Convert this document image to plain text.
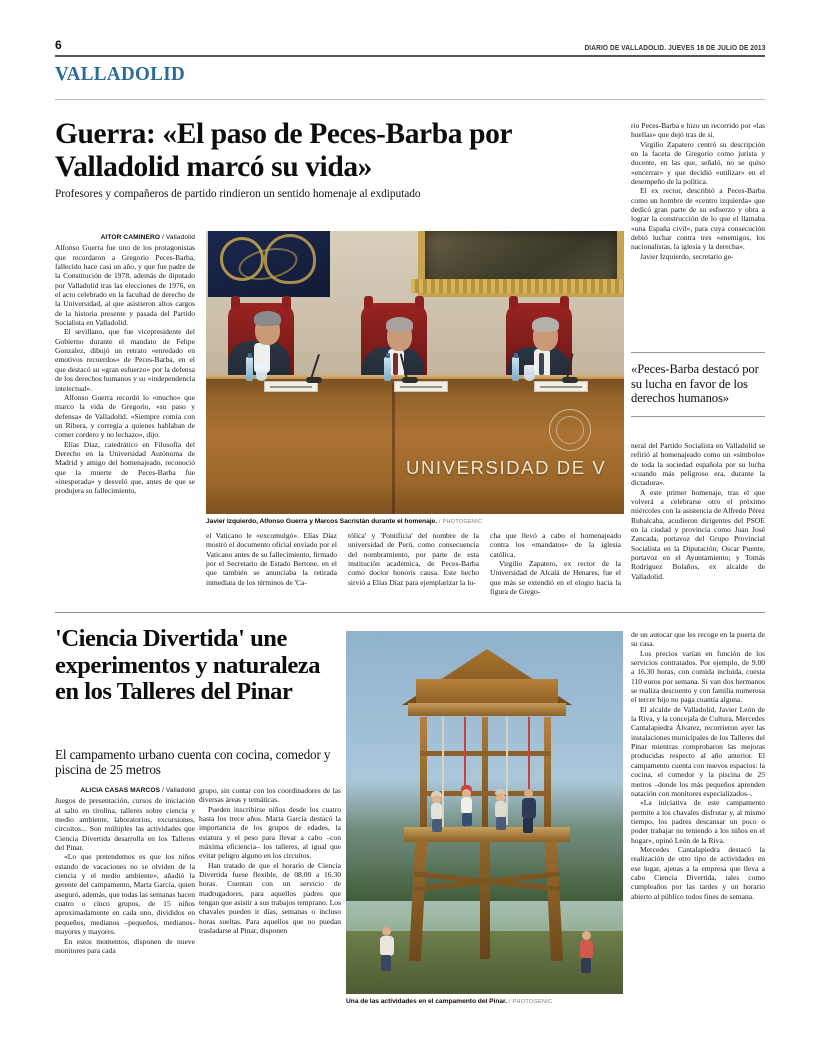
6	DIARIO DE VALLADOLID. JUEVES 18 DE JULIO DE 2013
VALLADOLID
Guerra: «El paso de Peces-Barba por Valladolid marcó su vida»
Profesores y compañeros de partido rindieron un sentido homenaje al exdiputado
AITOR CAMINERO / Valladolid

Alfonso Guerra fue uno de los protagonistas que recordaron a Gregorio Peces-Barba, fallecido hace casi un año, y que fue padre de la Constitución de 1978, además de diputado por Valladolid tras las elecciones de 1976, en el acto celebrado en la facultad de derecho de la Universidad, al que asistieron altos cargos de la historia presente y pasada del Partido Socialista en Valladolid.

El sevillano, que fue vicepresidente del Gobierno durante el mandato de Felipe Gonzalez, dibujó un retrato «enredado en emotivos recuerdos» de Peces-Barba, en el que destacó su «gran esfuerzo» por la defensa de los derechos humanos y su «independencia intelectual».

Alfonso Guerra recordó lo «mucho» que marco la vida de Gregorio, «su paso y defensa» de Valladolid. «Siempre comía con un Ribera, y corregía a quienes hablaban de comer cordero y no lechazo», dijo.

Elías Díaz, catedrático en Filosofía del Derecho en la Universidad Autónoma de Madrid y amigo del homenajeado, reconoció que la muerte de Peces-Barba fue «inesperada» y desveló que, antes de que se produjera su fallecimiento,

UNIVERSIDAD DE V
Javier Izquierdo, Alfonso Guerra y Marcos Sacristán durante el homenaje. / PHOTOGENIC

el Vaticano le «excomulgó». Elías Díaz mostró el documento oficial enviado por el Vaticano antes de su fallecimiento, firmado por el Secretario de Estado Bertone, en el que también se anunciaba la retirada inmediata de los términos de 'Ca-

tólica' y 'Pontificia' del nombre de la universidad de Perú, como consecuencia del nombramiento, por parte de esta institución académica, de Peces-Barba como doctor honoris causa. Este hecho sirvió a Elías Díaz para ejemplarizar la lu-

cha que llevó a cabo el homenajeado contra los «mandatos» de la iglesia católica.

Virgilio Zapatero, ex rector de la Universidad de Alcalá de Henares, fue el que más se extendió en el elogio hacia la figura de Grego-

rio Peces-Barba e hizo un recorrido por «las huellas» que dejó tras de sí.

Virgilio Zapatero centró su descripción en la faceta de Gregorio como jurista y docente, en las que, señaló, no se quiso «encerrar» y que decidió «utilizar» en el desempeño de la política.

El ex rector, describió a Peces-Barba como un hombre de «centro izquierda» que dedicó gran parte de su esfuerzo y obra a lograr la construcción de lo que el llamaba «una España civil», para cuya consecución debió luchar contra tres «enemigos, los nacionalistas, la iglesia y la derecha».

Javier Izquierdo, secretario ge-

«Peces-Barba destacó por su lucha en favor de los derechos humanos»

neral del Partido Socialista en Valladolid se refirió al homenajeado como un «símbolo» de toda la sociedad española por su lucha «cuando más peligroso era, durante la dictadura».

A este primer homenaje, tras el que volverá a celebrarse otro el próximo miércoles con la asistencia de Alfredo Pérez Rubalcaba, acudieron dirigentes del PSOE en la ciudad y provincia como Juan José Zancada, portavoz del Grupo Provincial Socialista en la Diputación; Oscar Puente, portavoz en el Ayuntamiento; y Tomás Rodríguez Bolaños, ex alcalde de Valladolid.

'Ciencia Divertida' une experimentos y naturaleza en los Talleres del Pinar
El campamento urbano cuenta con cocina, comedor y piscina de 25 metros
ALICIA CASAS MARCOS / Valladolid

Juegos de presentación, cursos de iniciación al salto en tirolina, talleres sobre ciencia y medio ambiente, laboratorios, excursiones, circuitos... Son múltiples las actividades que Ciencia Divertida desarrolla en los Talleres del Pinar.

«Lo que pretendemos es que los niños estando de vacaciones no se olviden de la ciencia y el medio ambiente», añadió la gerente del campamento, Marta García, quien aseguró, además, que todas las semanas hacen cuatro o cinco grupos, de 15 niños aproximadamente en cada uno, divididos en pequeños, medianos –pequeños, medianos- mayores y mayores.

En estos momentos, disponen de nueve monitores para cada

grupo, sin contar con los coordinadores de las diversas áreas y temáticas.

Pueden inscribirse niños desde los cuatro hasta los trece años. Marta García destacó la importancia de los grupos de edades, la estatura y el peso para llevar a cabo –con máxima eficiencia– los talleres, al igual que evitar peligro alguno en los circuitos.

Han tratado de que el horario de Ciencia Divertida fuese flexible, de 08.00 a 16.30 horas. Cuentan con un servicio de madrugadores, para aquellos padres que tengan que asistir a sus trabajos temprano. Los chavales pueden ir días, semanas o incluso horas sueltas. Para aquellos que no puedan trasladarse al Pinar, disponen

Una de las actividades en el campamento del Pinar. / PHOTOGENIC

de un autocar que les recoge en la puerta de su casa.

Los precios varían en función de los servicios contratados. Por ejemplo, de 9.00 a 16.30 horas, con comida incluida, cuesta 110 euros por semana. Si van dos hermanos se realiza descuento y con familia numerosa el tercer hijo no paga cuantía alguna.

El alcalde de Valladolid, Javier León de la Riva, y la concejala de Cultura, Mercedes Cantalapiedra Álvarez, recorrieron ayer las instalaciones municipales de los Talleres del Pinar mientras comprobaron las mejoras producidas respecto al año anterior. El campamento cuenta con nuevos espacios: la cocina, el comedor y la piscina de 25 metros –donde los más pequeños aprenden natación con monitores especializados–.

«La iniciativa de este campamento permite a los chavales disfrutar y, al mismo tiempo, los padres descansar un poco o poder trabajar no teniendo a los niños en el hogar», opinó León de la Riva.

Mercedes Cantalapiedra destacó la realización de otro tipo de actividades en ese lugar, ajenas a la empresa que lleva a cabo Ciencia Divertida, tales como cumpleaños por las tardes y un horario abierto al público todos fines de semana.
